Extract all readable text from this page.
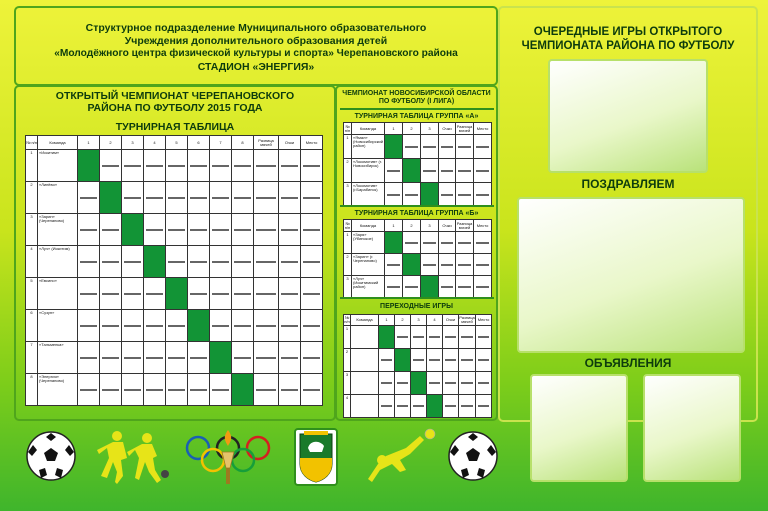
Структурное подразделение Муниципального образовательного
Учреждения дополнительного образования детей
«Молодёжного центра физической культуры и спорта» Черепановского района
СТАДИОН «ЭНЕРГИЯ»
ОТКРЫТЫЙ ЧЕМПИОНАТ ЧЕРЕПАНОВСКОГО
РАЙОНА ПО ФУТБОЛУ 2015 ГОДА
ТУРНИРНАЯ ТАБЛИЦА
№ п/п	Команда	1	2	3	4	5	6	7	8	Разница мячей	Очки	Место
1	«Искитим»		

2	«Линёво»	

3	«Зарин» (Черепаново)	

4	«Луч» (Искитим)	

5	«Евсино»	

6	«Сузун»	

7	«Тальменка»	

8	«Энергия» (Черепаново)	

ЧЕМПИОНАТ НОВОСИБИРСКОЙ ОБЛАСТИ
ПО ФУТБОЛУ (I ЛИГА)
ТУРНИРНАЯ ТАБЛИЦА ГРУППА «А»
№ п/п	Команда	1	2	3	Очки	Разница мячей	Место
1	«Ямал» (Новосибирский район)		

2	«Локомотив» (г. Новосибирск)	

3	«Локомотив» (г.Барабинск)	

ТУРНИРНАЯ ТАБЛИЦА ГРУППА «Б»
№ п/п	Команда	1	2	3	Очки	Разница мячей	Место
1	«Заря» (Убинское)		

2	«Зарин» (г. Черепаново)	

3	«Луч» (Искитимский район)	

ПЕРЕХОДНЫЕ ИГРЫ
№ п/п	Команда	1	2	3	4	Очки	Разница мячей	Место
1			

2		

3		

4		

ОЧЕРЕДНЫЕ ИГРЫ ОТКРЫТОГО
ЧЕМПИОНАТА РАЙОНА ПО ФУТБОЛУ
ПОЗДРАВЛЯЕМ
ОБЪЯВЛЕНИЯ
